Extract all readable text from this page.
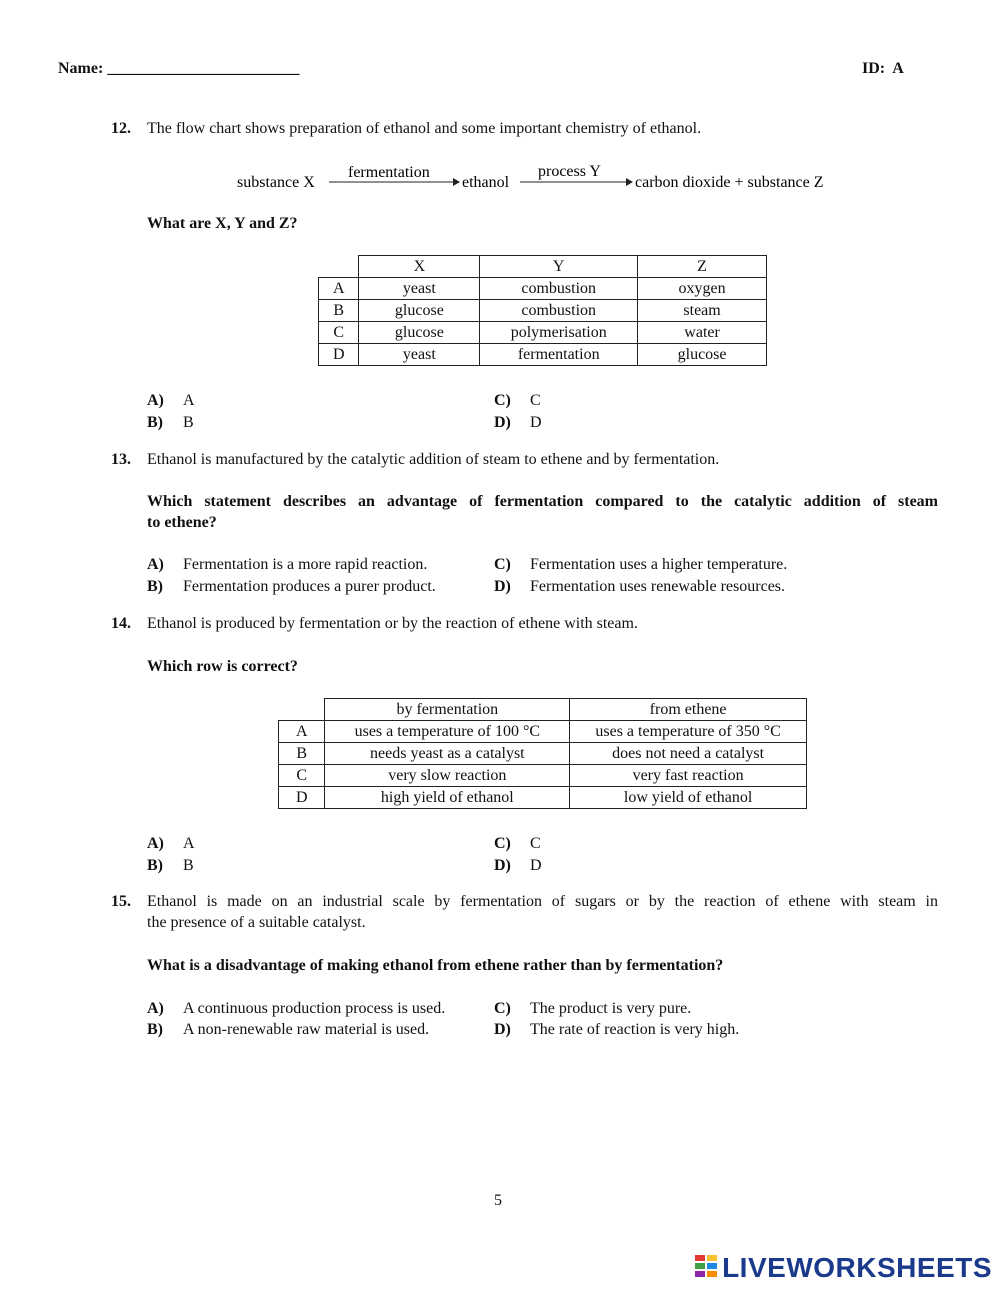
Name: ________________________	ID: A
12. The flow chart shows preparation of ethanol and some important chemistry of ethanol.
substance X
fermentation
ethanol
process Y
carbon dioxide + substance Z
What are X, Y and Z?
	X	Y	Z
A	yeast	combustion	oxygen
B	glucose	combustion	steam
C	glucose	polymerisation	water
D	yeast	fermentation	glucose
A) A
B) B
C) C
D) D
13. Ethanol is manufactured by the catalytic addition of steam to ethene and by fermentation.
Which statement describes an advantage of fermentation compared to the catalytic addition of steam
to ethene?
A) Fermentation is a more rapid reaction.
B) Fermentation produces a purer product.
C) Fermentation uses a higher temperature.
D) Fermentation uses renewable resources.
14. Ethanol is produced by fermentation or by the reaction of ethene with steam.
Which row is correct?
	by fermentation	from ethene
A	uses a temperature of 100 °C	uses a temperature of 350 °C
B	needs yeast as a catalyst	does not need a catalyst
C	very slow reaction	very fast reaction
D	high yield of ethanol	low yield of ethanol
A) A
B) B
C) C
D) D
15. Ethanol is made on an industrial scale by fermentation of sugars or by the reaction of ethene with steam in
the presence of a suitable catalyst.
What is a disadvantage of making ethanol from ethene rather than by fermentation?
A) A continuous production process is used.
B) A non-renewable raw material is used.
C) The product is very pure.
D) The rate of reaction is very high.
5
LIVEWORKSHEETS
